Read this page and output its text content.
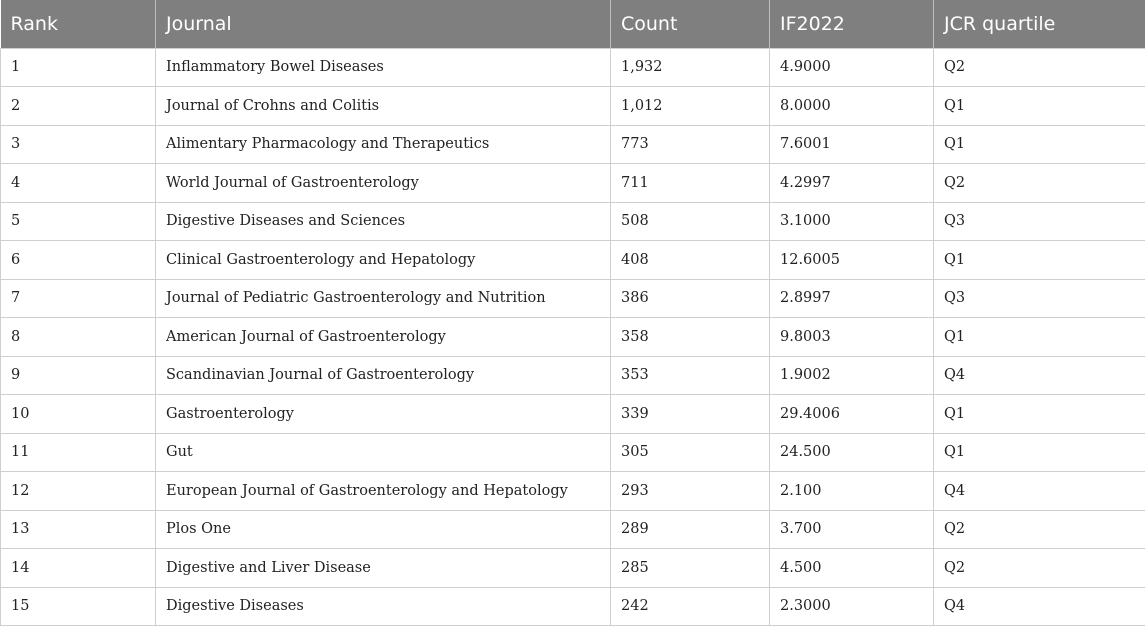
Rank	Journal	Count	IF2022	JCR quartile
1	Inflammatory Bowel Diseases	1,932	4.9000	Q2
2	Journal of Crohns and Colitis	1,012	8.0000	Q1
3	Alimentary Pharmacology and Therapeutics	773	7.6001	Q1
4	World Journal of Gastroenterology	711	4.2997	Q2
5	Digestive Diseases and Sciences	508	3.1000	Q3
6	Clinical Gastroenterology and Hepatology	408	12.6005	Q1
7	Journal of Pediatric Gastroenterology and Nutrition	386	2.8997	Q3
8	American Journal of Gastroenterology	358	9.8003	Q1
9	Scandinavian Journal of Gastroenterology	353	1.9002	Q4
10	Gastroenterology	339	29.4006	Q1
11	Gut	305	24.500	Q1
12	European Journal of Gastroenterology and Hepatology	293	2.100	Q4
13	Plos One	289	3.700	Q2
14	Digestive and Liver Disease	285	4.500	Q2
15	Digestive Diseases	242	2.3000	Q4
